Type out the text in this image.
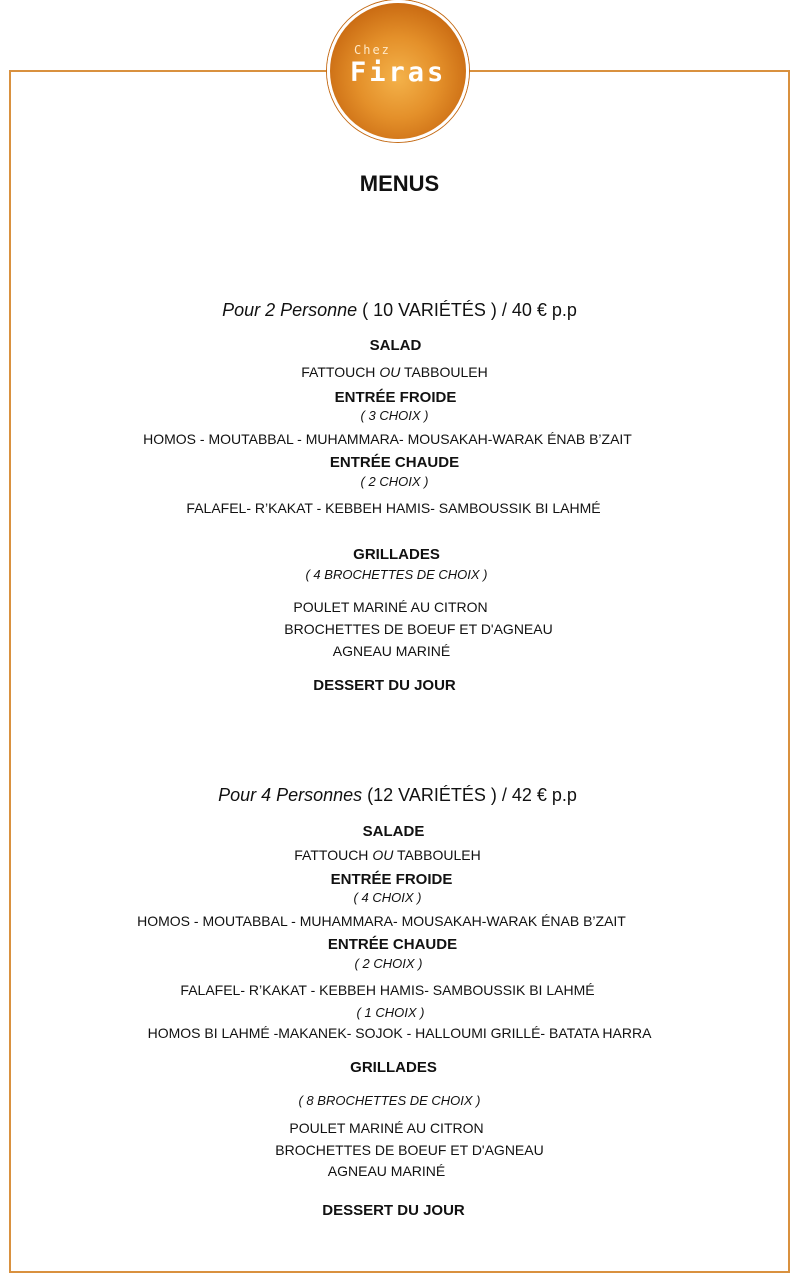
Chez
Firas
MENUS
Pour 2 Personne ( 10 VARIÉTÉS ) / 40 € p.p
SALAD
FATTOUCH OU TABBOULEH
ENTRÉE FROIDE
( 3 CHOIX )
HOMOS - MOUTABBAL - MUHAMMARA- MOUSAKAH-WARAK ÉNAB B’ZAIT
ENTRÉE CHAUDE
( 2 CHOIX )
FALAFEL- R’KAKAT - KEBBEH HAMIS- SAMBOUSSIK BI LAHMÉ
GRILLADES
( 4 BROCHETTES DE CHOIX )
POULET MARINÉ AU CITRON
BROCHETTES DE BOEUF ET D'AGNEAU
AGNEAU MARINÉ
DESSERT DU JOUR
Pour 4 Personnes (12 VARIÉTÉS ) / 42 € p.p
SALADE
FATTOUCH OU TABBOULEH
ENTRÉE FROIDE
( 4 CHOIX )
HOMOS - MOUTABBAL - MUHAMMARA- MOUSAKAH-WARAK ÉNAB B’ZAIT
ENTRÉE CHAUDE
( 2 CHOIX )
FALAFEL- R’KAKAT - KEBBEH HAMIS- SAMBOUSSIK BI LAHMÉ
( 1 CHOIX )
HOMOS BI LAHMÉ -MAKANEK- SOJOK - HALLOUMI GRILLÉ- BATATA HARRA
GRILLADES
( 8 BROCHETTES DE CHOIX )
POULET MARINÉ AU CITRON
BROCHETTES DE BOEUF ET D'AGNEAU
AGNEAU MARINÉ
DESSERT DU JOUR
